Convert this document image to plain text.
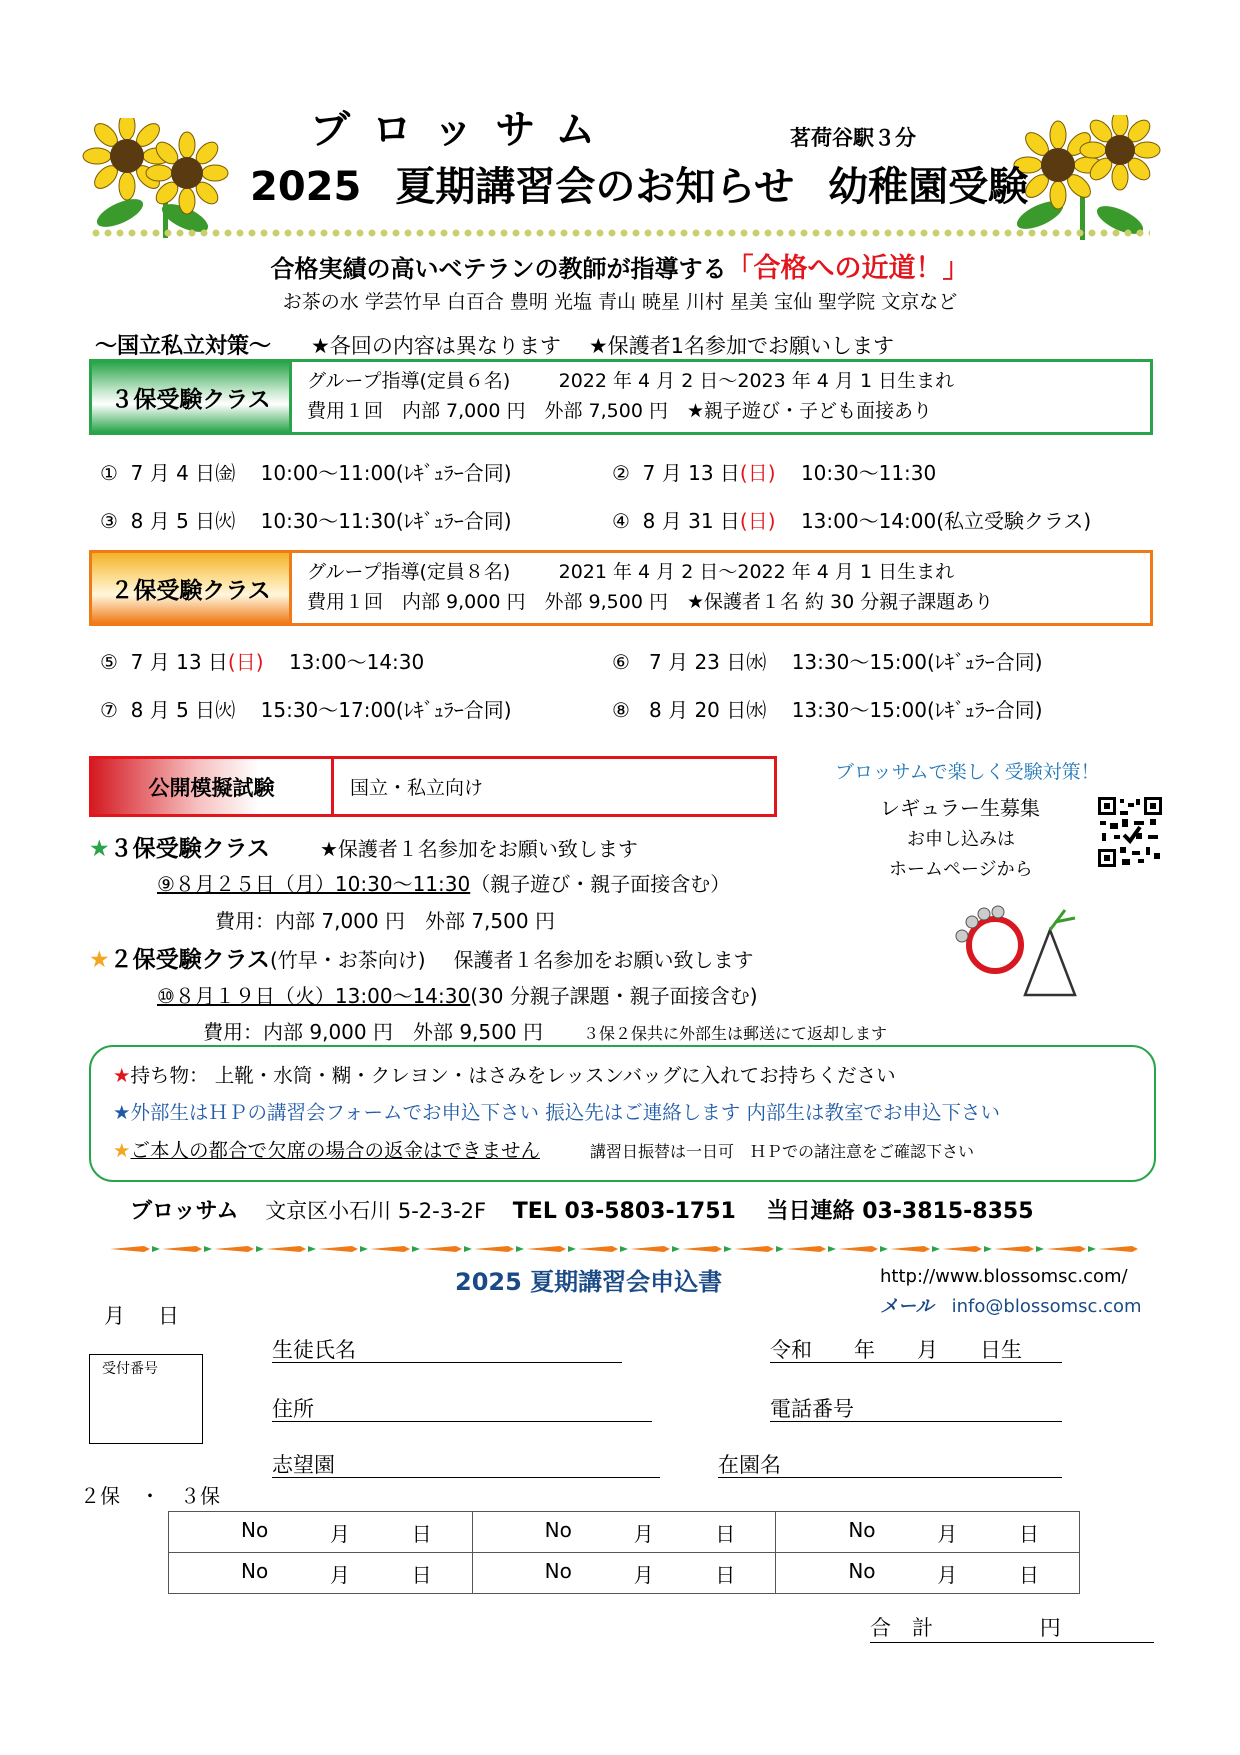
ブロッサム	茗荷谷駅３分
2025 夏期講習会のお知らせ 幼稚園受験
合格実績の高いベテランの教師が指導する「合格への近道！」
お茶の水 学芸竹早 白百合 豊明 光塩 青山 暁星 川村 星美 宝仙 聖学院 文京など
～国立私立対策～ ★各回の内容は異なります ★保護者1名参加でお願いします
３保受験クラス
グループ指導(定員６名)        2022 年 4 月 2 日～2023 年 4 月 1 日生まれ
費用１回　内部 7,000 円　外部 7,500 円　★親子遊び・子ども面接あり
① 7 月 4 日㈮ 10:00～11:00(ﾚｷﾞｭﾗｰ合同)	② 7 月 13 日(日) 10:30～11:30
③ 8 月 5 日㈫ 10:30～11:30(ﾚｷﾞｭﾗｰ合同)	④ 8 月 31 日(日) 13:00～14:00(私立受験クラス)
２保受験クラス
グループ指導(定員８名)        2021 年 4 月 2 日～2022 年 4 月 1 日生まれ
費用１回　内部 9,000 円　外部 9,500 円　★保護者１名 約 30 分親子課題あり
⑤ 7 月 13 日(日) 13:00～14:30	⑥ 7 月 23 日㈬ 13:30～15:00(ﾚｷﾞｭﾗｰ合同)
⑦ 8 月 5 日㈫ 15:30～17:00(ﾚｷﾞｭﾗｰ合同)	⑧ 8 月 20 日㈬ 13:30～15:00(ﾚｷﾞｭﾗｰ合同)
公開模擬試験	国立・私立向け
★３保受験クラス	★保護者１名参加をお願い致します
⑨８月２５日（月）10:30～11:30（親子遊び・親子面接含む）
費用：内部 7,000 円　外部 7,500 円
★２保受験クラス(竹早・お茶向け) 保護者１名参加をお願い致します
⑩８月１９日（火）13:00～14:30(30 分親子課題・親子面接含む)
費用：内部 9,000 円　外部 9,500 円	３保２保共に外部生は郵送にて返却します
ブロッサムで楽しく受験対策！
レギュラー生募集
お申し込みは
ホームページから
★持ち物： 上靴・水筒・糊・クレヨン・はさみをレッスンバッグに入れてお持ちください
★外部生はＨＰの講習会フォームでお申込下さい 振込先はご連絡します 内部生は教室でお申込下さい
★ご本人の都合で欠席の場合の返金はできません	講習日振替は一日可　ＨＰでの諸注意をご確認下さい
ブロッサム 文京区小石川 5-2-3-2F TEL 03-5803-1751 当日連絡 03-3815-8355
2025 夏期講習会申込書	http://www.blossomsc.com/
メール info@blossomsc.com
月　日
受付番号
生徒氏名	令和　　年　　月　　日生
住所	電話番号
志望園	在園名
２保　・　３保
No 月 日	No 月 日	No 月 日

No 月 日	No 月 日	No 月 日
合　計                円
